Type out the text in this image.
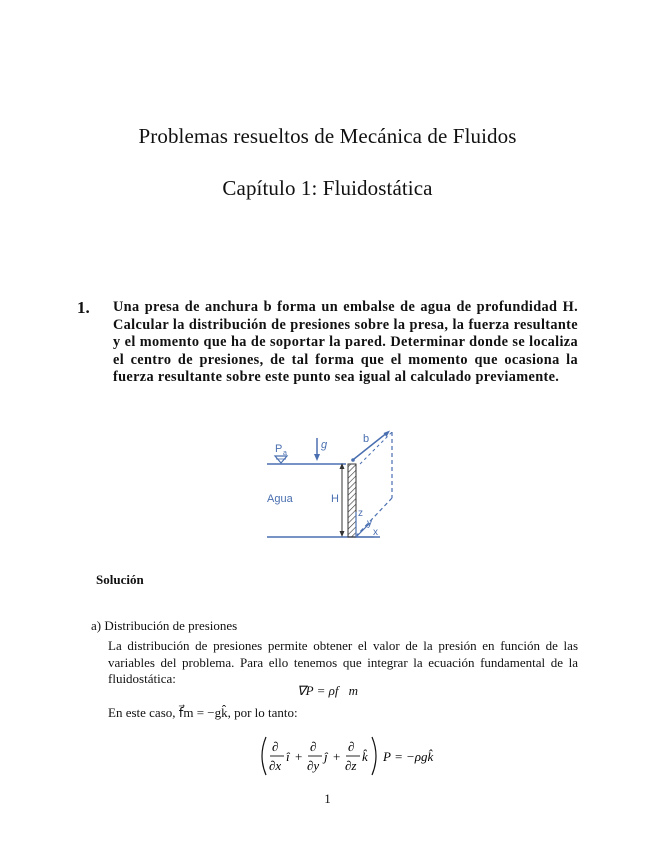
Problemas resueltos de Mecánica de Fluidos
Capítulo 1: Fluidostática
1. Una presa de anchura b forma un embalse de agua de profundidad H. Calcular la distribución de presiones sobre la presa, la fuerza resultante y el momento que ha de soportar la pared. Determinar donde se localiza el centro de presiones, de tal forma que el momento que ocasiona la fuerza resultante sobre este punto sea igual al calculado previamente.
P a
g	b
Agua	H
z
y
x
Solución
a) Distribución de presiones
La distribución de presiones permite obtener el valor de la presión en función de las variables del problema. Para ello tenemos que integrar la ecuación fundamental de la fluidostática:
∇P = ρf⃗m
En este caso, f⃗m = −gk̂, por lo tanto:
∂
∂x
î +
∂
∂y
ĵ +
∂
∂z
k̂ P = −ρgk̂
1
